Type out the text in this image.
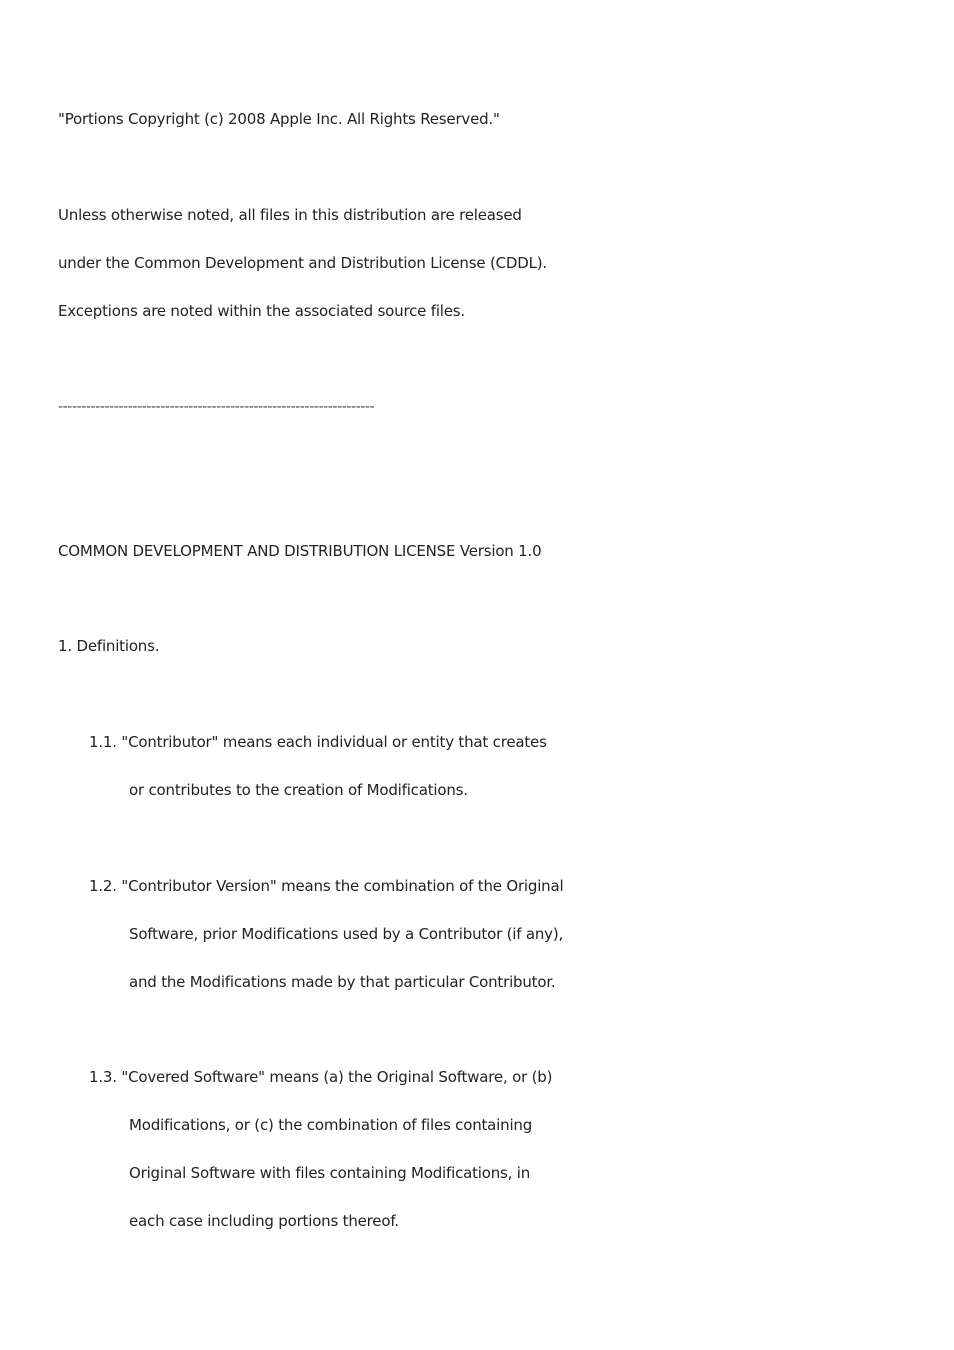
"Portions Copyright (c) 2008 Apple Inc. All Rights Reserved."
Unless otherwise noted, all files in this distribution are released
under the Common Development and Distribution License (CDDL).
Exceptions are noted within the associated source files.
--------------------------------------------------------------------
COMMON DEVELOPMENT AND DISTRIBUTION LICENSE Version 1.0
1. Definitions.
1.1. "Contributor" means each individual or entity that creates
or contributes to the creation of Modifications.
1.2. "Contributor Version" means the combination of the Original
Software, prior Modifications used by a Contributor (if any),
and the Modifications made by that particular Contributor.
1.3. "Covered Software" means (a) the Original Software, or (b)
Modifications, or (c) the combination of files containing
Original Software with files containing Modifications, in
each case including portions thereof.
